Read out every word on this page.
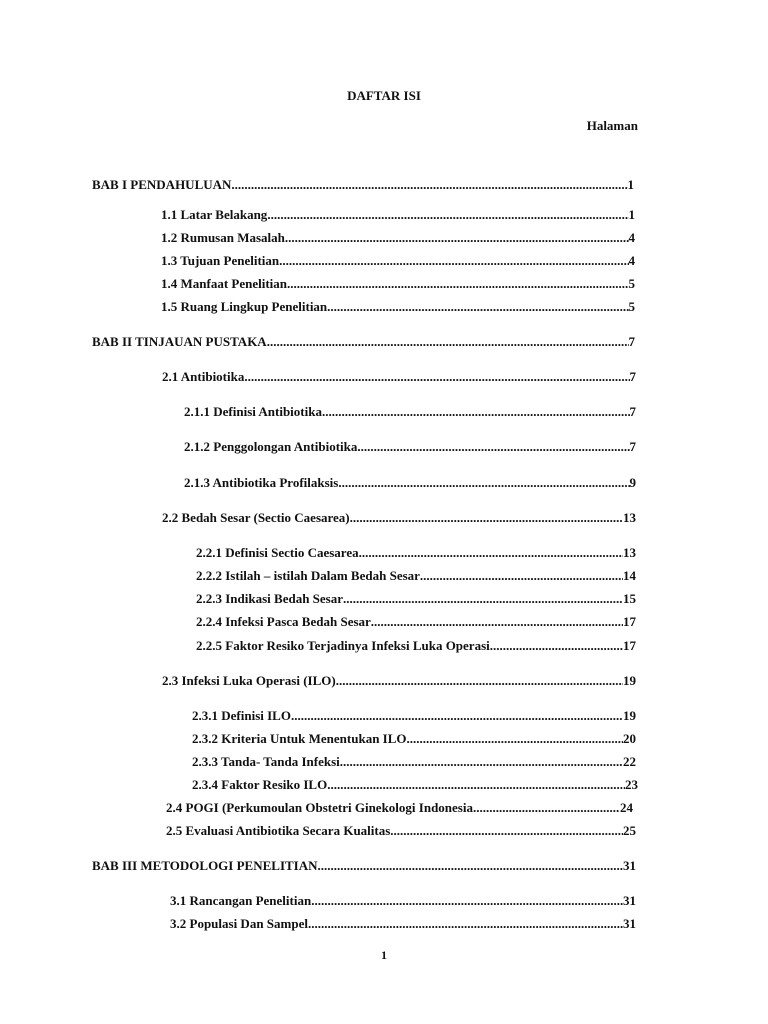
DAFTAR ISI
Halaman
BAB I PENDAHULUAN .....	1
1.1 Latar Belakang .....	1
1.2 Rumusan Masalah .....	4
1.3 Tujuan Penelitian .....	4
1.4 Manfaat Penelitian .....	5
1.5 Ruang Lingkup Penelitian .....	5
BAB II TINJAUAN PUSTAKA .....	7
2.1 Antibiotika .....	7
2.1.1 Definisi Antibiotika .....	7
2.1.2 Penggolongan Antibiotika .....	7
2.1.3 Antibiotika Profilaksis .....	9
2.2 Bedah Sesar (Sectio Caesarea) .....	13
2.2.1 Definisi Sectio Caesarea .....	13
2.2.2 Istilah – istilah Dalam Bedah Sesar .....	14
2.2.3 Indikasi Bedah Sesar .....	15
2.2.4 Infeksi Pasca Bedah Sesar .....	17
2.2.5 Faktor Resiko Terjadinya Infeksi Luka Operasi .....	17
2.3 Infeksi Luka Operasi (ILO) .....	19
2.3.1 Definisi ILO .....	19
2.3.2 Kriteria Untuk Menentukan ILO .....	20
2.3.3 Tanda- Tanda Infeksi .....	22
2.3.4 Faktor Resiko ILO .....	23
2.4 POGI (Perkumoulan Obstetri Ginekologi Indonesia .....	24
2.5 Evaluasi Antibiotika Secara Kualitas .....	25
BAB III METODOLOGI PENELITIAN .....	31
3.1 Rancangan Penelitian .....	31
3.2 Populasi Dan Sampel .....	31
1
